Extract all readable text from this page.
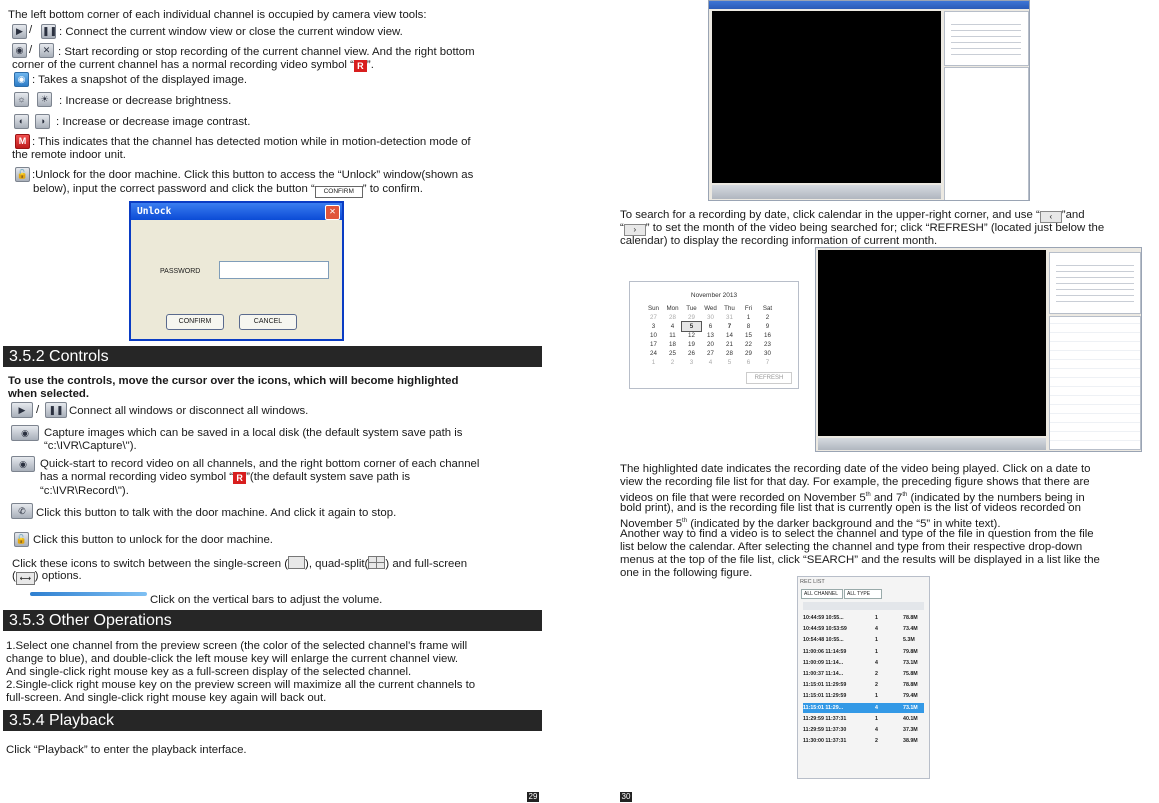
The left bottom corner of each individual channel is occupied by camera view tools:
▶ / ❚❚ : Connect the current window view or close the current window view.
◉ /	✕ : Start recording or stop recording of the current channel view. And the right bottom
corner of the current channel has a normal recording video symbol “ R ”.
◉ : Takes a snapshot of the displayed image.
☼	☀ : Increase or decrease brightness.
◐	◑ : Increase or decrease image contrast.
M : This indicates that the channel has detected motion while in motion-detection mode of
the remote indoor unit.
🔓 :Unlock for the door machine. Click this button to access the “Unlock” window(shown as
below), input the correct password and click the button “ CONFIRM ” to confirm.
Unlock	✕
PASSWORD
CONFIRM	CANCEL
3.5.2 Controls
To use the controls, move the cursor over the icons, which will become highlighted
when selected.
▶ /	❚❚ Connect all windows or disconnect all windows.
◉	Capture images which can be saved in a local disk (the default system save path is
“c:\IVR\Capture\").
◉	Quick-start to record video on all channels, and the right bottom corner of each channel
has a normal recording video symbol “ R ”(the default system save path is
“c:\IVR\Record\").
✆ Click this button to talk with the door machine. And click it again to stop.
🔓 Click this button to unlock for the door machine.
Click these icons to switch between the single-screen ( ), quad-split( ) and full-screen
( ⟷ ) options.
Click on the vertical bars to adjust the volume.
3.5.3 Other Operations
1.Select one channel from the preview screen (the color of the selected channel's frame will
change to blue), and double-click the left mouse key will enlarge the current channel view.
And single-click right mouse key as a full-screen display of the selected channel.
2.Single-click right mouse key on the preview screen will maximize all the current channels to
full-screen. And single-click right mouse key again will back out.
3.5.4 Playback
Click “Playback” to enter the playback interface.
29
To search for a recording by date, click calendar in the upper-right corner, and use “ ‹ ”and
“ › ” to set the month of the video being searched for; click “REFRESH” (located just below the
calendar) to display the recording information of current month.
November 2013
Sun	Mon	Tue	Wed	Thu	Fri	Sat
27	28	29	30	31	1	2
3	4	5	6	7	8	9
10	11	12	13	14	15	16
17	18	19	20	21	22	23
24	25	26	27	28	29	30
1	2	3	4	5	6	7
REFRESH
The highlighted date indicates the recording date of the video being played. Click on a date to
view the recording file list for that day. For example, the preceding figure shows that there are
videos on file that were recorded on November 5th and 7th (indicated by the numbers being in
bold print), and is the recording file list that is currently open is the list of videos recorded on
November 5th (indicated by the darker background and the “5” in white text).
Another way to find a video is to select the channel and type of the file in question from the file
list below the calendar. After selecting the channel and type from their respective drop-down
menus at the top of the file list, click “SEARCH” and the results will be displayed in a list like the
one in the following figure.
REC LIST
ALL CHANNEL	ALL TYPE
10:44:59 10:55...	1	78.8M
10:44:59 10:53:59	4	73.4M
10:54:48 10:55...	1	5.3M
11:00:06 11:14:59	1	79.8M
11:00:09 11:14...	4	73.1M
11:00:37 11:14...	2	75.8M
11:15:01 11:29:59	2	78.8M
11:15:01 11:29:59	1	79.4M
11:15:01 11:29...	4	73.1M
11:29:59 11:37:31	1	40.1M
11:29:59 11:37:30	4	37.3M
11:30:00 11:37:31	2	38.9M
30
